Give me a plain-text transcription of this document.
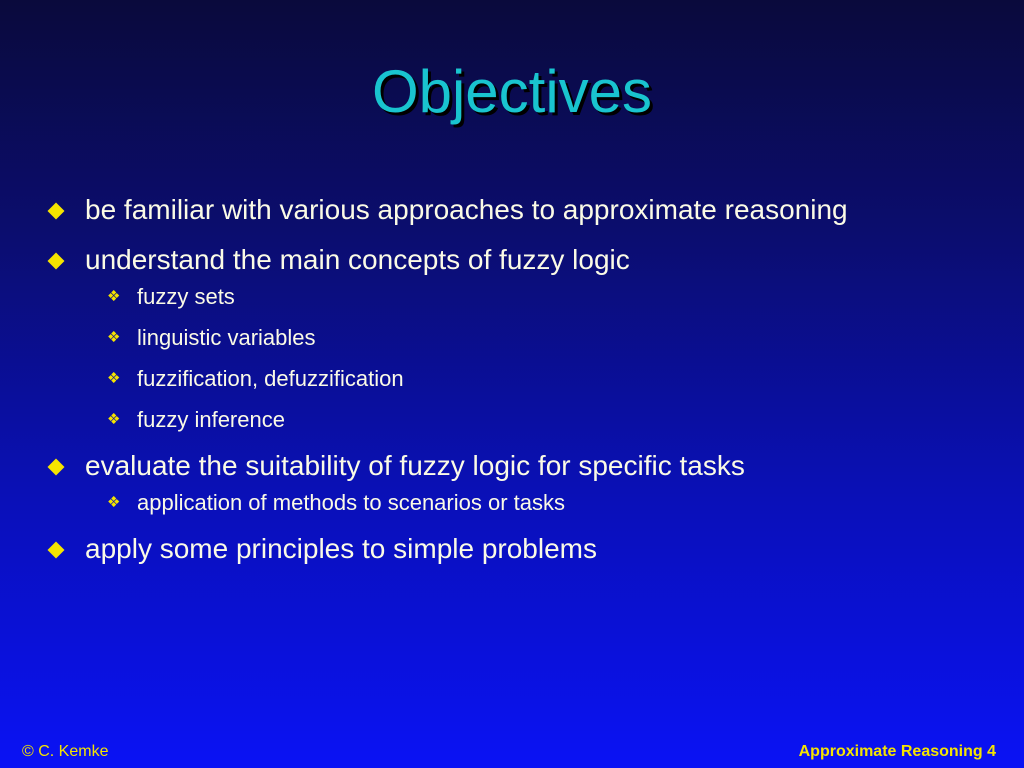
Objectives
be familiar with various approaches to approximate reasoning
understand the main concepts of fuzzy logic
❖ fuzzy sets
❖ linguistic variables
❖ fuzzification, defuzzification
❖ fuzzy inference
evaluate the suitability of fuzzy logic for specific tasks
❖ application of methods to scenarios or tasks
apply some principles to simple problems
© C. Kemke	Approximate Reasoning 4
